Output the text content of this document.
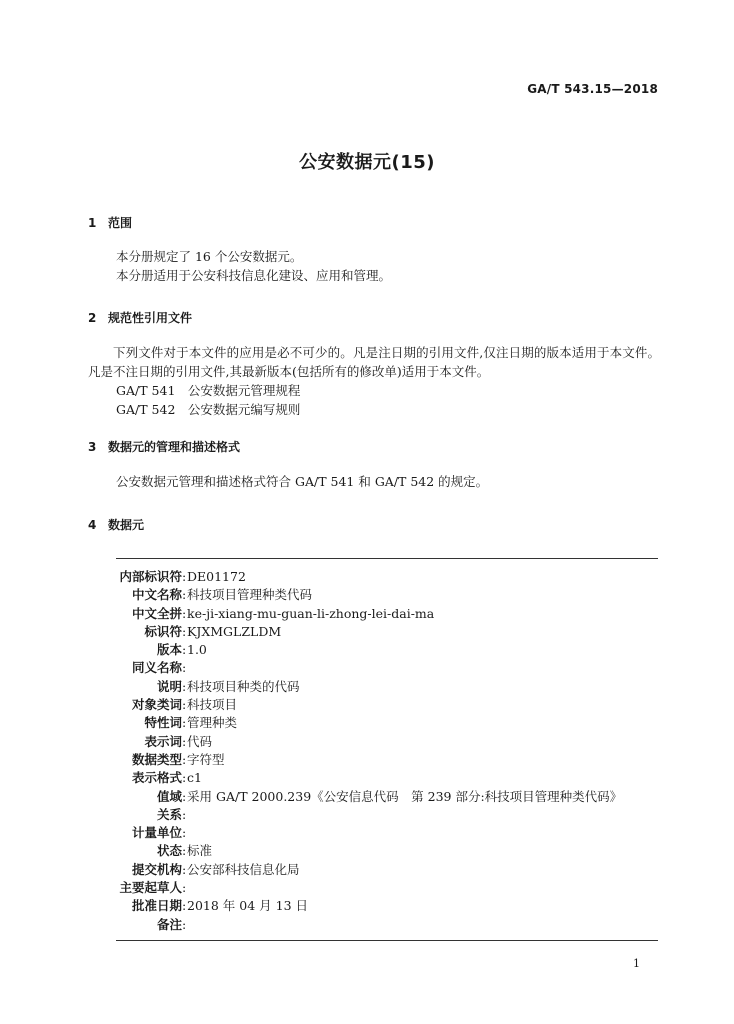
GA/T 543.15—2018
公安数据元(15)
1 范围
本分册规定了 16 个公安数据元。
本分册适用于公安科技信息化建设、应用和管理。
2 规范性引用文件
下列文件对于本文件的应用是必不可少的。凡是注日期的引用文件,仅注日期的版本适用于本文件。凡是不注日期的引用文件,其最新版本(包括所有的修改单)适用于本文件。
GA/T 541　公安数据元管理规程
GA/T 542　公安数据元编写规则
3 数据元的管理和描述格式
公安数据元管理和描述格式符合 GA/T 541 和 GA/T 542 的规定。
4 数据元
内部标识符 : DE01172
中文名称 : 科技项目管理种类代码
中文全拼 : ke-ji-xiang-mu-guan-li-zhong-lei-dai-ma
标识符 : KJXMGLZLDM
版本 : 1.0
同义名称 :
说明 : 科技项目种类的代码
对象类词 : 科技项目
特性词 : 管理种类
表示词 : 代码
数据类型 : 字符型
表示格式 : c1
值域 : 采用 GA/T 2000.239《公安信息代码　第 239 部分:科技项目管理种类代码》
关系 :
计量单位 :
状态 : 标准
提交机构 : 公安部科技信息化局
主要起草人 :
批准日期 : 2018 年 04 月 13 日
备注 :
1
